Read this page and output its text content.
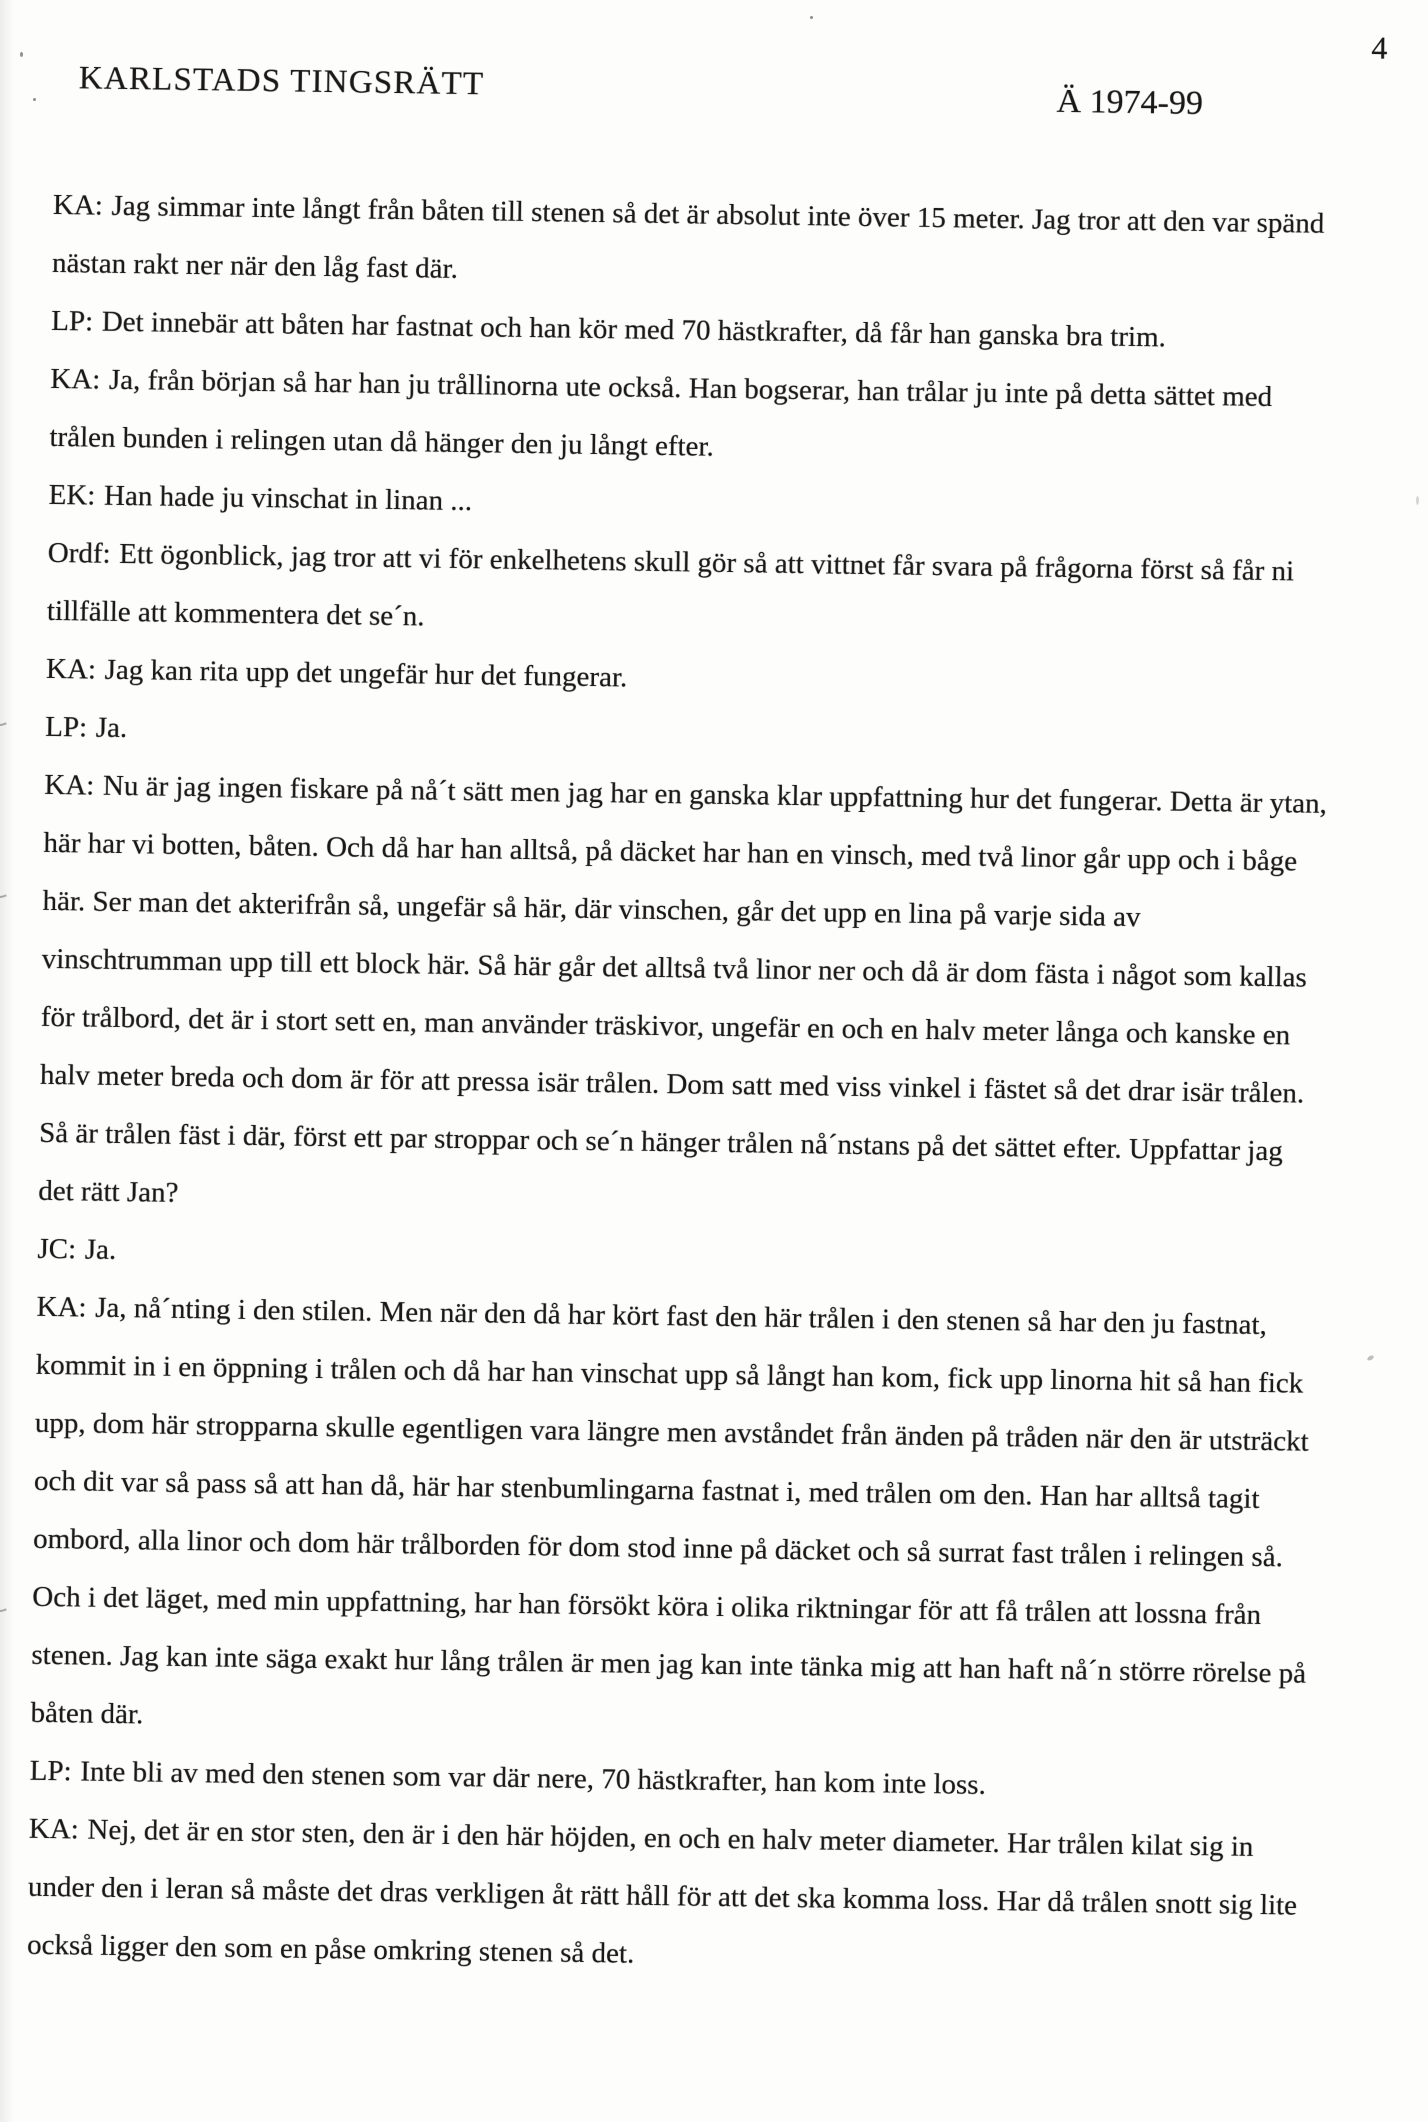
4
KARLSTADS TINGSRÄTT
Ä 1974-99

KA: Jag simmar inte långt från båten till stenen så det är absolut inte över 15 meter. Jag tror att den var spänd nästan rakt ner när den låg fast där.

LP: Det innebär att båten har fastnat och han kör med 70 hästkrafter, då får han ganska bra trim.

KA: Ja, från början så har han ju trållinorna ute också. Han bogserar, han trålar ju inte på detta sättet med trålen bunden i relingen utan då hänger den ju långt efter.

EK: Han hade ju vinschat in linan ...

Ordf: Ett ögonblick, jag tror att vi för enkelhetens skull gör så att vittnet får svara på frågorna först så får ni tillfälle att kommentera det se´n.

KA: Jag kan rita upp det ungefär hur det fungerar.

LP: Ja.

KA: Nu är jag ingen fiskare på nå´t sätt men jag har en ganska klar uppfattning hur det fungerar. Detta är ytan, här har vi botten, båten. Och då har han alltså, på däcket har han en vinsch, med två linor går upp och i båge här. Ser man det akterifrån så, ungefär så här, där vinschen, går det upp en lina på varje sida av vinschtrumman upp till ett block här. Så här går det alltså två linor ner och då är dom fästa i något som kallas för trålbord, det är i stort sett en, man använder träskivor, ungefär en och en halv meter långa och kanske en halv meter breda och dom är för att pressa isär trålen. Dom satt med viss vinkel i fästet så det drar isär trålen. Så är trålen fäst i där, först ett par stroppar och se´n hänger trålen nå´nstans på det sättet efter. Uppfattar jag det rätt Jan?

JC: Ja.

KA: Ja, nå´nting i den stilen. Men när den då har kört fast den här trålen i den stenen så har den ju fastnat, kommit in i en öppning i trålen och då har han vinschat upp så långt han kom, fick upp linorna hit så han fick upp, dom här stropparna skulle egentligen vara längre men avståndet från änden på tråden när den är utsträckt och dit var så pass så att han då, här har stenbumlingarna fastnat i, med trålen om den. Han har alltså tagit ombord, alla linor och dom här trålborden för dom stod inne på däcket och så surrat fast trålen i relingen så. Och i det läget, med min uppfattning, har han försökt köra i olika riktningar för att få trålen att lossna från stenen. Jag kan inte säga exakt hur lång trålen är men jag kan inte tänka mig att han haft nå´n större rörelse på båten där.

LP: Inte bli av med den stenen som var där nere, 70 hästkrafter, han kom inte loss.

KA: Nej, det är en stor sten, den är i den här höjden, en och en halv meter diameter. Har trålen kilat sig in under den i leran så måste det dras verkligen åt rätt håll för att det ska komma loss. Har då trålen snott sig lite också ligger den som en påse omkring stenen så det.
